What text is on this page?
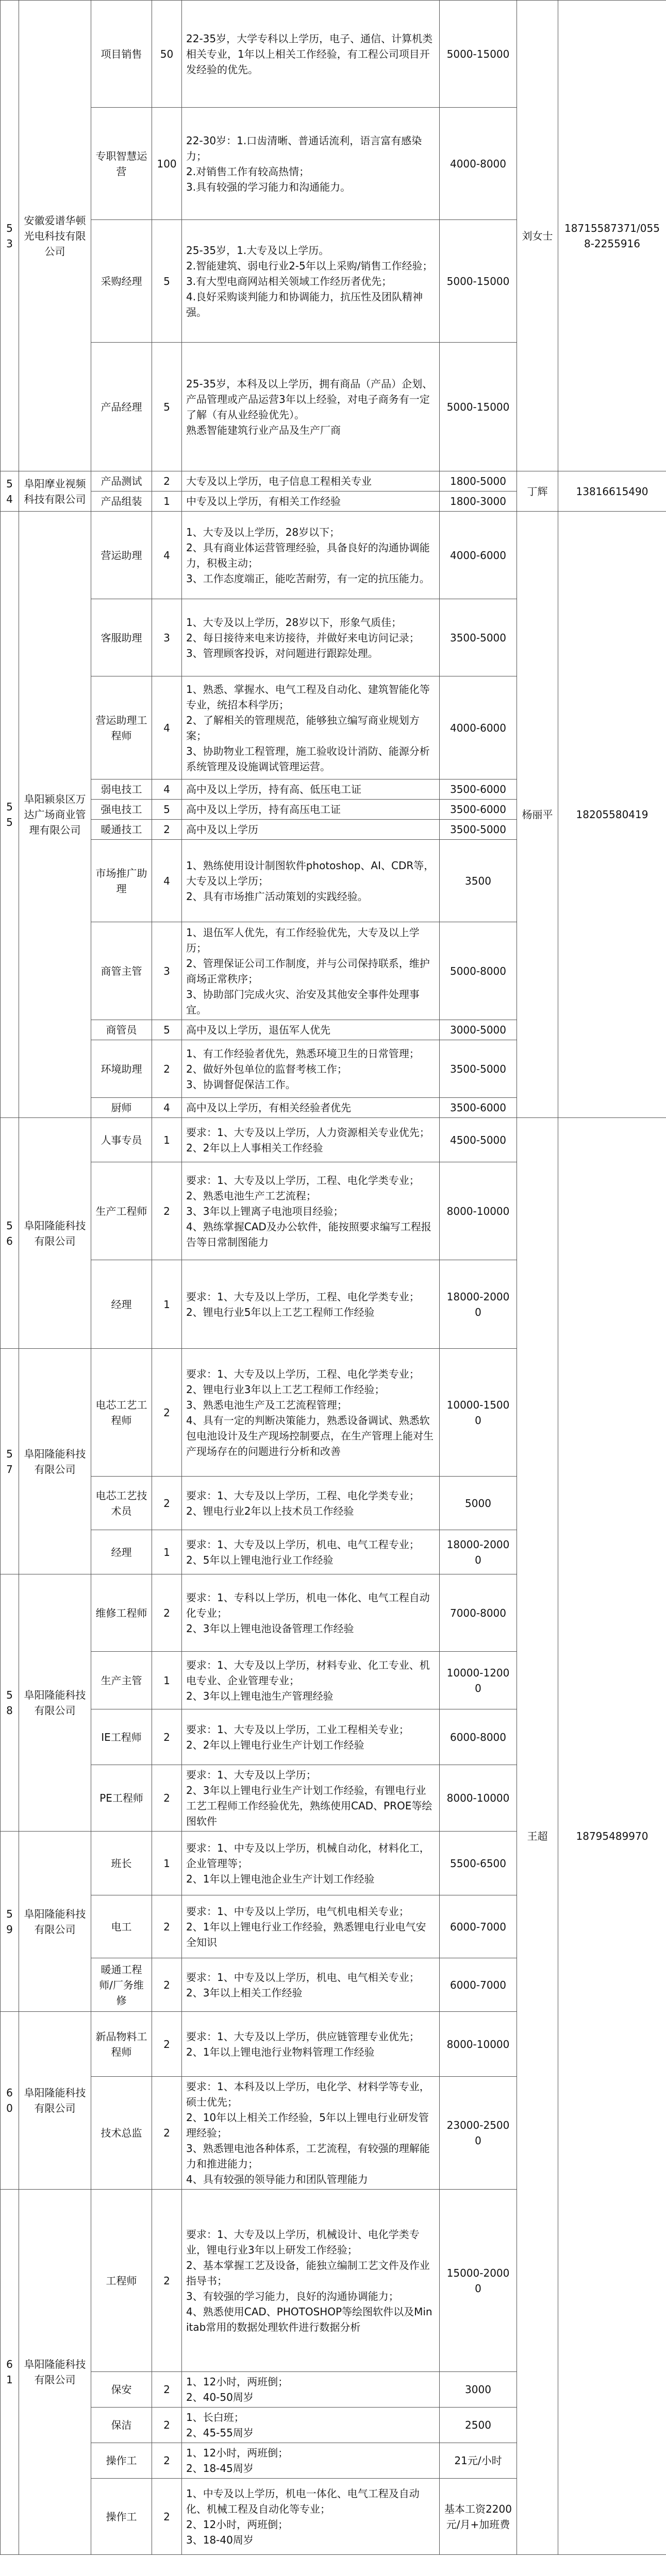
53	安徽爱谱华顿光电科技有限公司	项目销售	50	22-35岁，大学专科以上学历，电子、通信、计算机类相关专业，1年以上相关工作经验，有工程公司项目开发经验的优先。	5000-15000	刘女士	18715587371/0558-2255916
		专职智慧运营	100	22-30岁：1.口齿清晰、普通话流利，语言富有感染力；
2.对销售工作有较高热情；
3.具有较强的学习能力和沟通能力。	4000-8000		
		采购经理	5	25-35岁，1.大专及以上学历。
2.智能建筑、弱电行业2-5年以上采购/销售工作经验；
3.有大型电商网站相关领域工作经历者优先；
4.良好采购谈判能力和协调能力，抗压性及团队精神强。	5000-15000		
		产品经理	5	25-35岁，本科及以上学历，拥有商品（产品）企划、产品管理或产品运营3年以上经验，对电子商务有一定了解（有从业经验优先）。
熟悉智能建筑行业产品及生产厂商	5000-15000		
54	阜阳摩业视频科技有限公司	产品测试	2	大专及以上学历，电子信息工程相关专业	1800-5000	丁辉	13816615490
		产品组装	1	中专及以上学历，有相关工作经验	1800-3000		
55	阜阳颍泉区万达广场商业管理有限公司	营运助理	4	1、大专及以上学历，28岁以下；
2、具有商业体运营管理经验，具备良好的沟通协调能力，积极主动；
3、工作态度端正，能吃苦耐劳，有一定的抗压能力。	4000-6000	杨丽平	18205580419
		客服助理	3	1、大专及以上学历，28岁以下，形象气质佳；
2、每日接待来电来访接待，并做好来电访问记录；
3、管理顾客投诉，对问题进行跟踪处理。	3500-5000		
		营运助理工程师	4	1、熟悉、掌握水、电气工程及自动化、建筑智能化等专业，统招本科学历；
2、了解相关的管理规范，能够独立编写商业规划方案；
3、协助物业工程管理，施工验收设计消防、能源分析系统管理及设施调试管理运营。	4000-6000		
		弱电技工	4	高中及以上学历，持有高、低压电工证	3500-6000		
		强电技工	5	高中及以上学历，持有高压电工证	3500-6000		
		暖通技工	2	高中及以上学历	3500-5000		
		市场推广助理	4	1、熟练使用设计制图软件photoshop、AI、CDR等，大专及以上学历；
2、具有市场推广活动策划的实践经验。	3500		
		商管主管	3	1、退伍军人优先，有工作经验优先，大专及以上学历；
2、管理保证公司工作制度，并与公司保持联系，维护商场正常秩序；
3、协助部门完成火灾、治安及其他安全事件处理事宜。	5000-8000		
		商管员	5	高中及以上学历，退伍军人优先	3000-5000		
		环境助理	2	1、有工作经验者优先，熟悉环境卫生的日常管理；
2、做好外包单位的监督考核工作；
3、协调督促保洁工作。	3500-5000		
		厨师	4	高中及以上学历，有相关经验者优先	3500-6000		
56	阜阳隆能科技有限公司	人事专员	1	要求：1、大专及以上学历，人力资源相关专业优先；
2、2年以上人事相关工作经验	4500-5000	王超	18795489970
		生产工程师	2	要求：1、大专及以上学历，工程、电化学类专业；
2、熟悉电池生产工艺流程；
3、3年以上锂离子电池项目经验；
4、熟练掌握CAD及办公软件，能按照要求编写工程报告等日常制图能力	8000-10000		
		经理	1	要求：1、大专及以上学历，工程、电化学类专业；
2、锂电行业5年以上工艺工程师工作经验	18000-20000		
57	阜阳隆能科技有限公司	电芯工艺工程师	2	要求：1、大专及以上学历，工程、电化学类专业；
2、锂电行业3年以上工艺工程师工作经验；
3、熟悉电池生产及工艺流程管理；
4、具有一定的判断决策能力，熟悉设备调试、熟悉软包电池设计及生产现场控制要点，在生产管理上能对生产现场存在的问题进行分析和改善	10000-15000		
		电芯工艺技术员	2	要求：1、大专及以上学历，工程、电化学类专业；
2、锂电行业2年以上技术员工作经验	5000		
		经理	1	要求：1、大专及以上学历，机电、电气工程专业；
2、5年以上锂电池行业工作经验	18000-20000		
58	阜阳隆能科技有限公司	维修工程师	2	要求：1、专科以上学历，机电一体化、电气工程自动化专业；
2、3年以上锂电池设备管理工作经验	7000-8000		
		生产主管	1	要求：1、大专及以上学历，材料专业、化工专业、机电专业、企业管理专业；
2、3年以上锂电池生产管理经验	10000-12000		
		IE工程师	2	要求：1、大专及以上学历，工业工程相关专业；
2、2年以上锂电行业生产计划工作经验	6000-8000		
		PE工程师	2	要求：1、大专及以上学历；
2、3年以上锂电行业生产计划工作经验，有锂电行业工艺工程师工作经验优先，熟练使用CAD、PROE等绘图软件	8000-10000		
59	阜阳隆能科技有限公司	班长	1	要求：1、中专及以上学历，机械自动化，材料化工，企业管理等；
2、1年以上锂电池企业生产计划工作经验	5500-6500		
		电工	2	要求：1、中专及以上学历，电气机电相关专业；
2、1年以上锂电行业工作经验，熟悉锂电行业电气安全知识	6000-7000		
		暖通工程师/厂务维修	2	要求：1、中专及以上学历，机电、电气相关专业；
2、3年以上相关工作经验	6000-7000		
60	阜阳隆能科技有限公司	新品物料工程师	2	要求：1、大专及以上学历，供应链管理专业优先；
2、1年以上锂电池行业物料管理工作经验	8000-10000		
		技术总监	2	要求：1、本科及以上学历，电化学、材料学等专业，硕士优先；
2、10年以上相关工作经验，5年以上锂电行业研发管理经验；
3、熟悉锂电池各种体系，工艺流程，有较强的理解能力和推进能力；
4、具有较强的领导能力和团队管理能力	23000-25000		
61	阜阳隆能科技有限公司	工程师	2	要求：1、大专及以上学历，机械设计、电化学类专业，锂电行业3年以上研发工作经验；
2、基本掌握工艺及设备，能独立编制工艺文件及作业指导书；
3、有较强的学习能力，良好的沟通协调能力；
4、熟悉使用CAD、PHOTOSHOP等绘图软件以及Minitab常用的数据处理软件进行数据分析	15000-20000		
		保安	2	1、12小时，两班倒；
2、40-50周岁	3000		
		保洁	2	1、长白班；
2、45-55周岁	2500		
		操作工	2	1、12小时，两班倒；
2、18-45周岁	21元/小时		
		操作工	2	1、中专及以上学历，机电一体化、电气工程及自动化、机械工程及自动化等专业；
2、12小时，两班倒；
3、18-40周岁	基本工资2200元/月+加班费		
